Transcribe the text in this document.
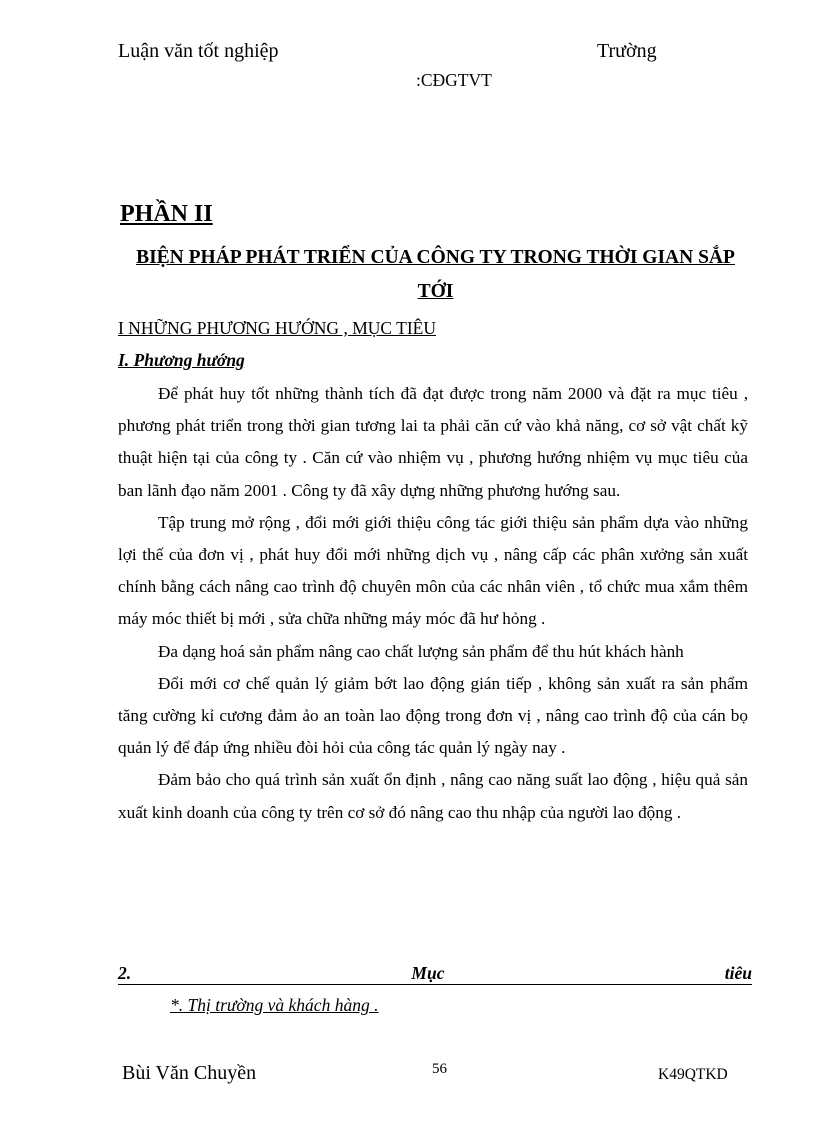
Luận văn tốt nghiệp	Trường
:CĐGTVT
PHẦN II
BIỆN PHÁP PHÁT TRIỂN CỦA CÔNG TY TRONG THỜI GIAN SẮP TỚI
I NHỮNG PHƯƠNG HƯỚNG , MỤC TIÊU
I. Phương hướng

Để phát huy tốt những thành tích đã đạt được trong năm 2000 và đặt ra mục tiêu , phương phát triển trong thời gian tương lai ta phải căn cứ vào khả năng, cơ sở vật chất kỹ thuật hiện tại của công ty . Căn cứ vào nhiệm vụ , phương hướng nhiệm vụ mục tiêu của ban lãnh đạo năm 2001 . Công ty đã xây dựng những phương hướng sau.

Tập trung mở rộng , đổi mới giới thiệu công tác giới thiệu sản phẩm dựa vào những lợi thế của đơn vị , phát huy đổi mới những dịch vụ , nâng cấp các phân xưởng sản xuất chính bằng cách nâng cao trình độ chuyên môn của các nhân viên , tổ chức mua xắm thêm máy móc thiết bị mới , sửa chữa những máy móc đã hư hỏng .

Đa dạng hoá sản phẩm nâng cao chất lượng sản phẩm để thu hút khách hành

Đổi mới cơ chế quản lý giảm bớt lao động gián tiếp , không sản xuất ra sản phẩm tăng cường kỉ cương đảm ảo an toàn lao động trong đơn vị , nâng cao trình độ của cán bọ quản lý để đáp ứng nhiều đòi hỏi của công tác quản lý ngày nay .

Đảm bảo cho quá trình sản xuất ổn định , nâng cao năng suất lao động , hiệu quả sản xuất kinh doanh của công ty trên cơ sở đó nâng cao thu nhập của người lao động .

2.	Mục	tiêu
*. Thị trường và khách hàng .
Bùi Văn Chuyền	56	K49QTKD
